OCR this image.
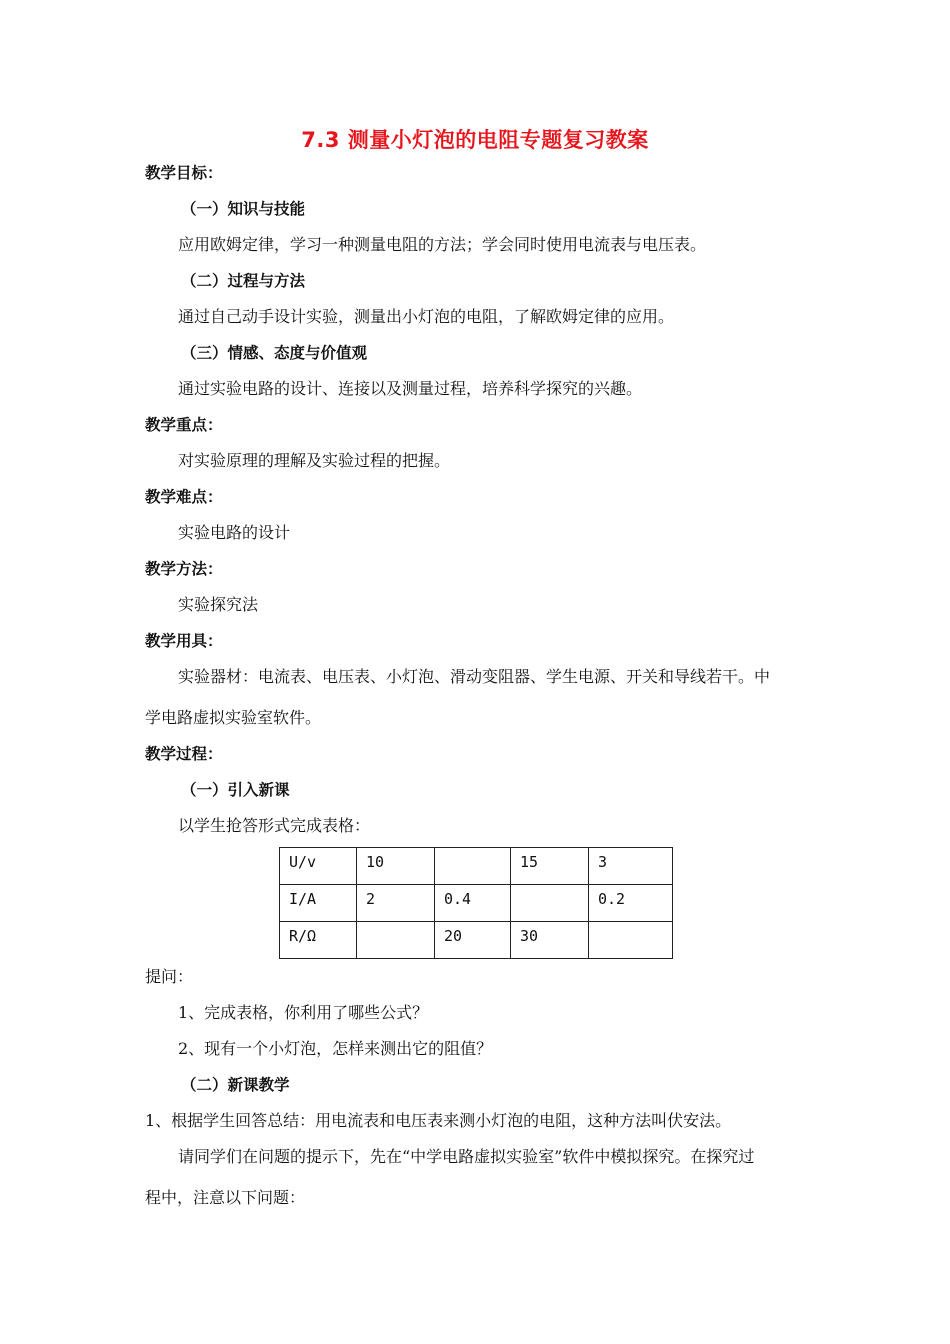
7.3 测量小灯泡的电阻专题复习教案
教学目标：
（一）知识与技能
应用欧姆定律，学习一种测量电阻的方法；学会同时使用电流表与电压表。
（二）过程与方法
通过自己动手设计实验，测量出小灯泡的电阻，了解欧姆定律的应用。
（三）情感、态度与价值观
通过实验电路的设计、连接以及测量过程，培养科学探究的兴趣。
教学重点：
对实验原理的理解及实验过程的把握。
教学难点：
实验电路的设计
教学方法：
实验探究法
教学用具：
实验器材：电流表、电压表、小灯泡、滑动变阻器、学生电源、开关和导线若干。中
学电路虚拟实验室软件。
教学过程：
（一）引入新课
以学生抢答形式完成表格：
U/v	10		15	3
I/A	2	0.4		0.2
R/Ω		20	30	
提问：
1、完成表格，你利用了哪些公式？
2、现有一个小灯泡，怎样来测出它的阻值？
（二）新课教学
1、根据学生回答总结：用电流表和电压表来测小灯泡的电阻，这种方法叫伏安法。
请同学们在问题的提示下，先在“中学电路虚拟实验室”软件中模拟探究。在探究过
程中，注意以下问题：
